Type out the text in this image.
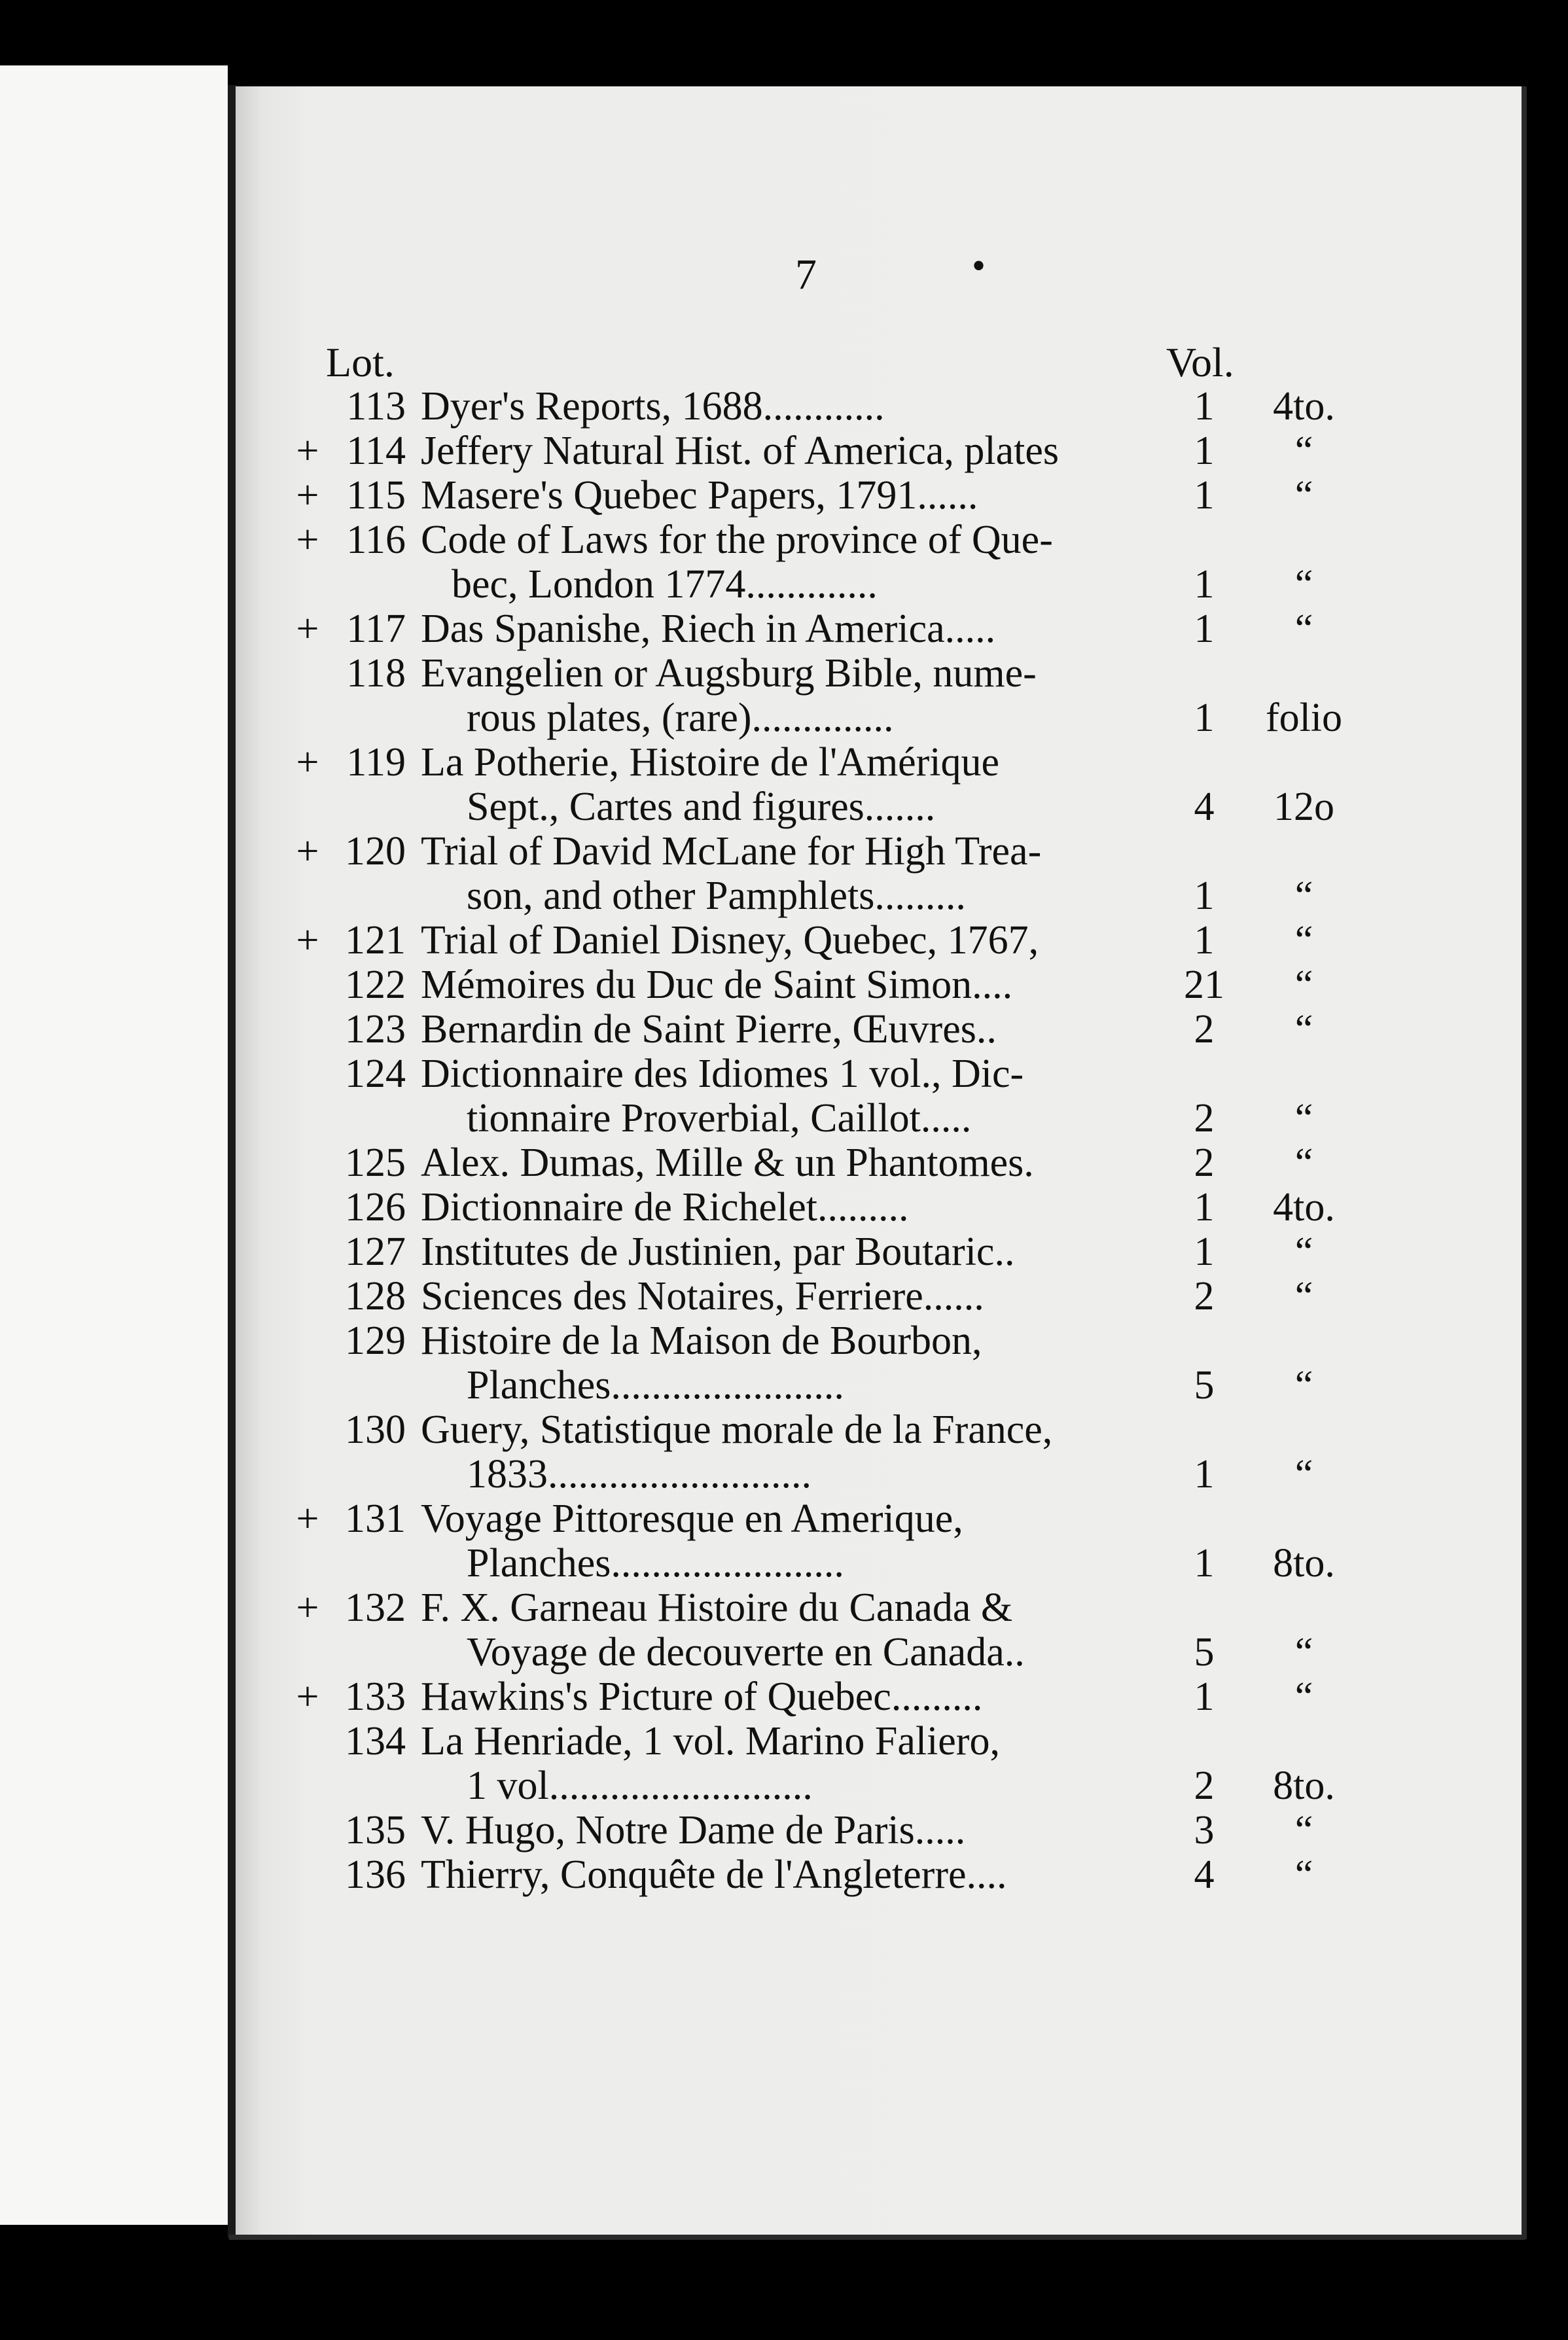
7	•
Lot.	Vol.
113 Dyer's Reports, 1688............	1	4to.
+ 114 Jeffery Natural Hist. of America, plates	1	“
+ 115 Masere's Quebec Papers, 1791......	1	“
+ 116 Code of Laws for the province of Que-
bec, London 1774.............	1	“
+ 117 Das Spanishe, Riech in America.....	1	“
118 Evangelien or Augsburg Bible, nume-
rous plates, (rare)..............	1	folio
+ 119 La Potherie, Histoire de l'Amérique
Sept., Cartes and figures.......	4	12o
+ 120 Trial of David McLane for High Trea-
son, and other Pamphlets.........	1	“
+ 121 Trial of Daniel Disney, Quebec, 1767,	1	“
122 Mémoires du Duc de Saint Simon....	21	“
123 Bernardin de Saint Pierre, Œuvres..	2	“
124 Dictionnaire des Idiomes 1 vol., Dic-
tionnaire Proverbial, Caillot.....	2	“
125 Alex. Dumas, Mille & un Phantomes.	2	“
126 Dictionnaire de Richelet.........	1	4to.
127 Institutes de Justinien, par Boutaric..	1	“
128 Sciences des Notaires, Ferriere......	2	“
129 Histoire de la Maison de Bourbon,
Planches.......................	5	“
130 Guery, Statistique morale de la France,
1833..........................	1	“
+ 131 Voyage Pittoresque en Amerique,
Planches.......................	1	8to.
+ 132 F. X. Garneau Histoire du Canada &
Voyage de decouverte en Canada..	5	“
+ 133 Hawkins's Picture of Quebec.........	1	“
134 La Henriade, 1 vol. Marino Faliero,
1 vol..........................	2	8to.
135 V. Hugo, Notre Dame de Paris.....	3	“
136 Thierry, Conquête de l'Angleterre....	4	“
